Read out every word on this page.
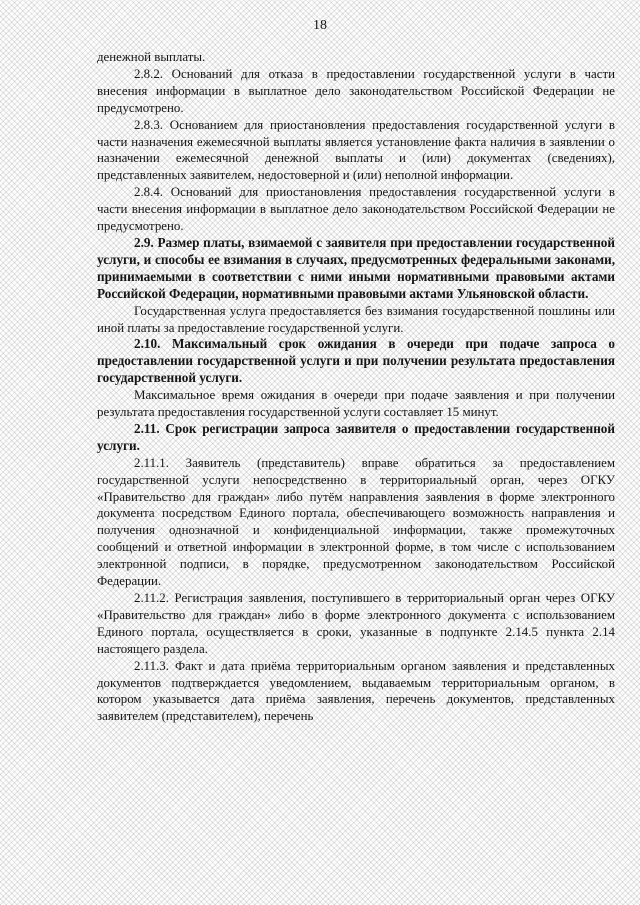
18

денежной выплаты.

2.8.2. Оснований для отказа в предоставлении государственной услуги в части внесения информации в выплатное дело законодательством Российской Федерации не предусмотрено.

2.8.3. Основанием для приостановления предоставления государственной услуги в части назначения ежемесячной выплаты является установление факта наличия в заявлении о назначении ежемесячной денежной выплаты и (или) документах (сведениях), представленных заявителем, недостоверной и (или) неполной информации.

2.8.4. Оснований для приостановления предоставления государственной услуги в части внесения информации в выплатное дело законодательством Российской Федерации не предусмотрено.

2.9. Размер платы, взимаемой с заявителя при предоставлении государственной услуги, и способы ее взимания в случаях, предусмотренных федеральными законами, принимаемыми в соответствии с ними иными нормативными правовыми актами Российской Федерации, нормативными правовыми актами Ульяновской области.

Государственная услуга предоставляется без взимания государственной пошлины или иной платы за предоставление государственной услуги.

2.10. Максимальный срок ожидания в очереди при подаче запроса о предоставлении государственной услуги и при получении результата предоставления государственной услуги.

Максимальное время ожидания в очереди при подаче заявления и при получении результата предоставления государственной услуги составляет 15 минут.

2.11. Срок регистрации запроса заявителя о предоставлении государственной услуги.

2.11.1. Заявитель (представитель) вправе обратиться за предоставлением государственной услуги непосредственно в территориальный орган, через ОГКУ «Правительство для граждан» либо путём направления заявления в форме электронного документа посредством Единого портала, обеспечивающего возможность направления и получения однозначной и конфиденциальной информации, также промежуточных сообщений и ответной информации в электронной форме, в том числе с использованием электронной подписи, в порядке, предусмотренном законодательством Российской Федерации.

2.11.2. Регистрация заявления, поступившего в территориальный орган через ОГКУ «Правительство для граждан» либо в форме электронного документа с использованием Единого портала, осуществляется в сроки, указанные в подпункте 2.14.5 пункта 2.14 настоящего раздела.

2.11.3. Факт и дата приёма территориальным органом заявления и представленных документов подтверждается уведомлением, выдаваемым территориальным органом, в котором указывается дата приёма заявления, перечень документов, представленных заявителем (представителем), перечень
